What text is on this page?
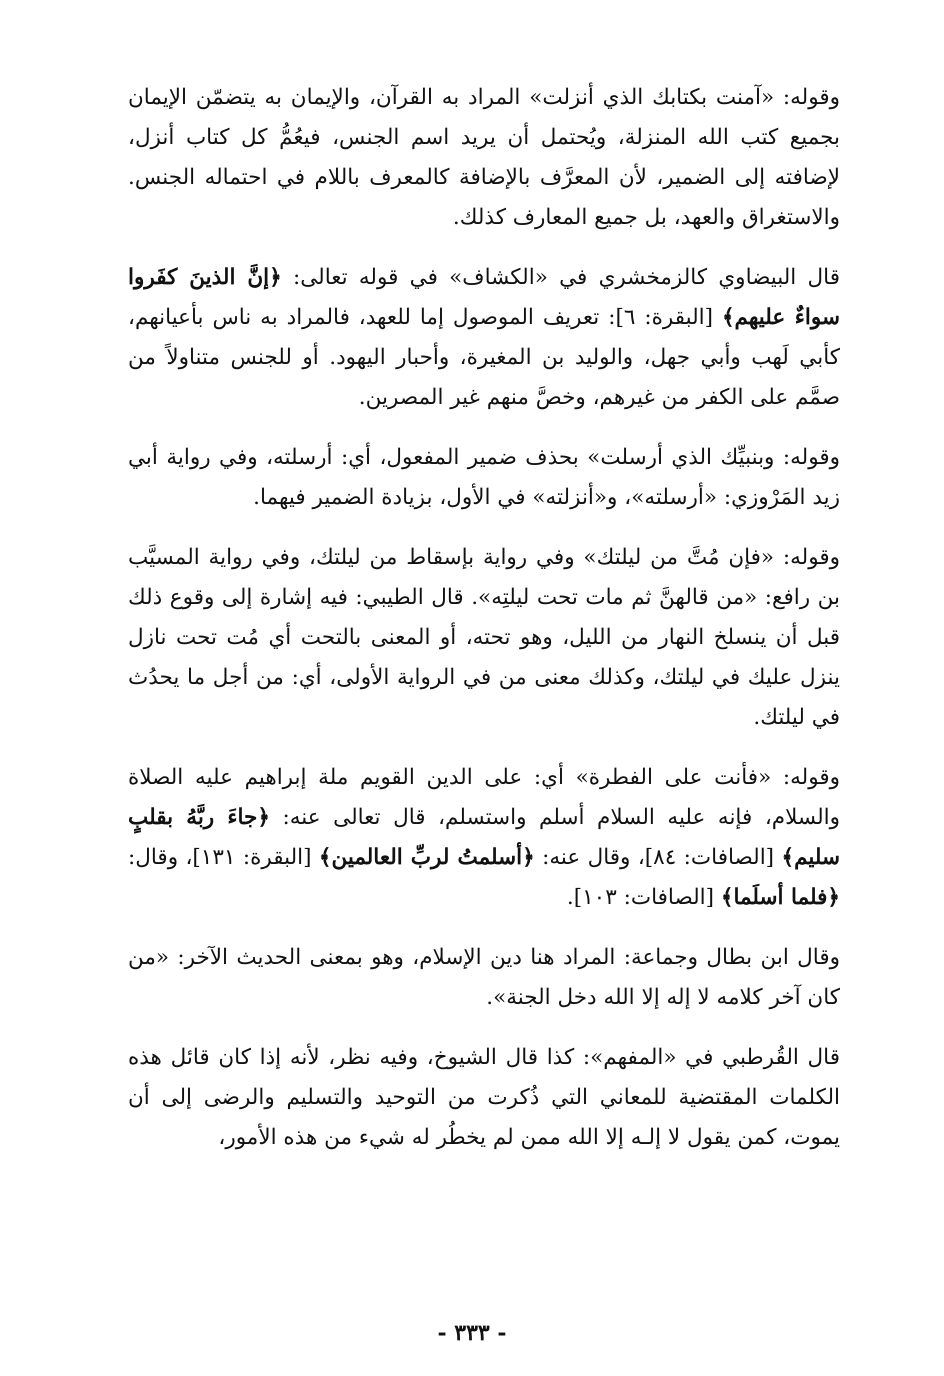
وقوله: «آمنت بكتابك الذي أنزلت» المراد به القرآن، والإيمان به يتضمّن الإيمان بجميع كتب الله المنزلة، ويُحتمل أن يريد اسم الجنس، فيعُمُّ كل كتاب أنزل، لإضافته إلى الضمير، لأن المعرَّف بالإضافة كالمعرف باللام في احتماله الجنس. والاستغراق والعهد، بل جميع المعارف كذلك.

قال البيضاوي كالزمخشري في «الكشاف» في قوله تعالى: ﴿إنَّ الذينَ كفَروا سواءٌ عليهم﴾ [البقرة: ٦]: تعريف الموصول إما للعهد، فالمراد به ناس بأعيانهم، كأبي لَهب وأبي جهل، والوليد بن المغيرة، وأحبار اليهود. أو للجنس متناولاً من صمَّم على الكفر من غيرهم، وخصَّ منهم غير المصرين.

وقوله: وبنبيِّك الذي أرسلت» بحذف ضمير المفعول، أي: أرسلته، وفي رواية أبي زيد المَرْوزي: «أرسلته»، و«أنزلته» في الأول، بزيادة الضمير فيهما.

وقوله: «فإن مُتَّ من ليلتك» وفي رواية بإسقاط من ليلتك، وفي رواية المسيَّب بن رافع: «من قالهنَّ ثم مات تحت ليلتِه». قال الطيبي: فيه إشارة إلى وقوع ذلك قبل أن ينسلخ النهار من الليل، وهو تحته، أو المعنى بالتحت أي مُت تحت نازل ينزل عليك في ليلتك، وكذلك معنى من في الرواية الأولى، أي: من أجل ما يحدُث في ليلتك.

وقوله: «فأنت على الفطرة» أي: على الدين القويم ملة إبراهيم عليه الصلاة والسلام، فإنه عليه السلام أسلم واستسلم، قال تعالى عنه: ﴿جاءَ ربَّهُ بقلبٍ سليم﴾ [الصافات: ٨٤]، وقال عنه: ﴿أسلمتُ لربِّ العالمين﴾ [البقرة: ١٣١]، وقال: ﴿فلما أسلَما﴾ [الصافات: ١٠٣].

وقال ابن بطال وجماعة: المراد هنا دين الإسلام، وهو بمعنى الحديث الآخر: «من كان آخر كلامه لا إله إلا الله دخل الجنة».

قال القُرطبي في «المفهم»: كذا قال الشيوخ، وفيه نظر، لأنه إذا كان قائل هذه الكلمات المقتضية للمعاني التي ذُكرت من التوحيد والتسليم والرضى إلى أن يموت، كمن يقول لا إلـه إلا الله ممن لم يخطُر له شيء من هذه الأمور،

- ٣٣٣ -
